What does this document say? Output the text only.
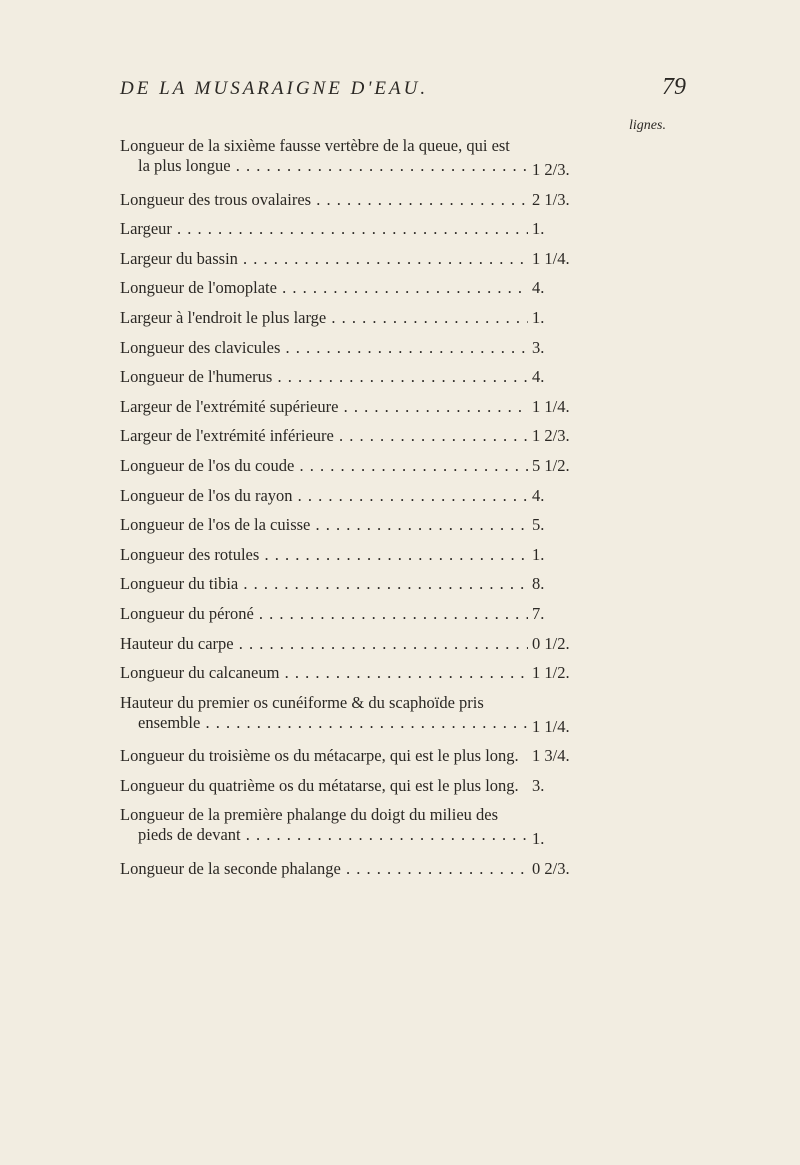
DE LA MUSARAIGNE D'EAU.	79
lignes.
Longueur de la sixième fausse vertèbre de la queue, qui est
la plus longue . . .	1 2/3.
Longueur des trous ovalaires . . .	2 1/3.
Largeur . . .	1.
Largeur du bassin . . .	1 1/4.
Longueur de l'omoplate . . .	4.
Largeur à l'endroit le plus large . . .	1.
Longueur des clavicules . . .	3.
Longueur de l'humerus . . .	4.
Largeur de l'extrémité supérieure . . .	1 1/4.
Largeur de l'extrémité inférieure . . .	1 2/3.
Longueur de l'os du coude . . .	5 1/2.
Longueur de l'os du rayon . . .	4.
Longueur de l'os de la cuisse . . .	5.
Longueur des rotules . . .	1.
Longueur du tibia . . .	8.
Longueur du péroné . . .	7.
Hauteur du carpe . . .	0 1/2.
Longueur du calcaneum . . .	1 1/2.
Hauteur du premier os cunéiforme & du scaphoïde pris
ensemble . . .	1 1/4.
Longueur du troisième os du métacarpe, qui est le plus long. 1 3/4.
Longueur du quatrième os du métatarse, qui est le plus long. 3.
Longueur de la première phalange du doigt du milieu des
pieds de devant . . .	1.
Longueur de la seconde phalange . . .	0 2/3.
